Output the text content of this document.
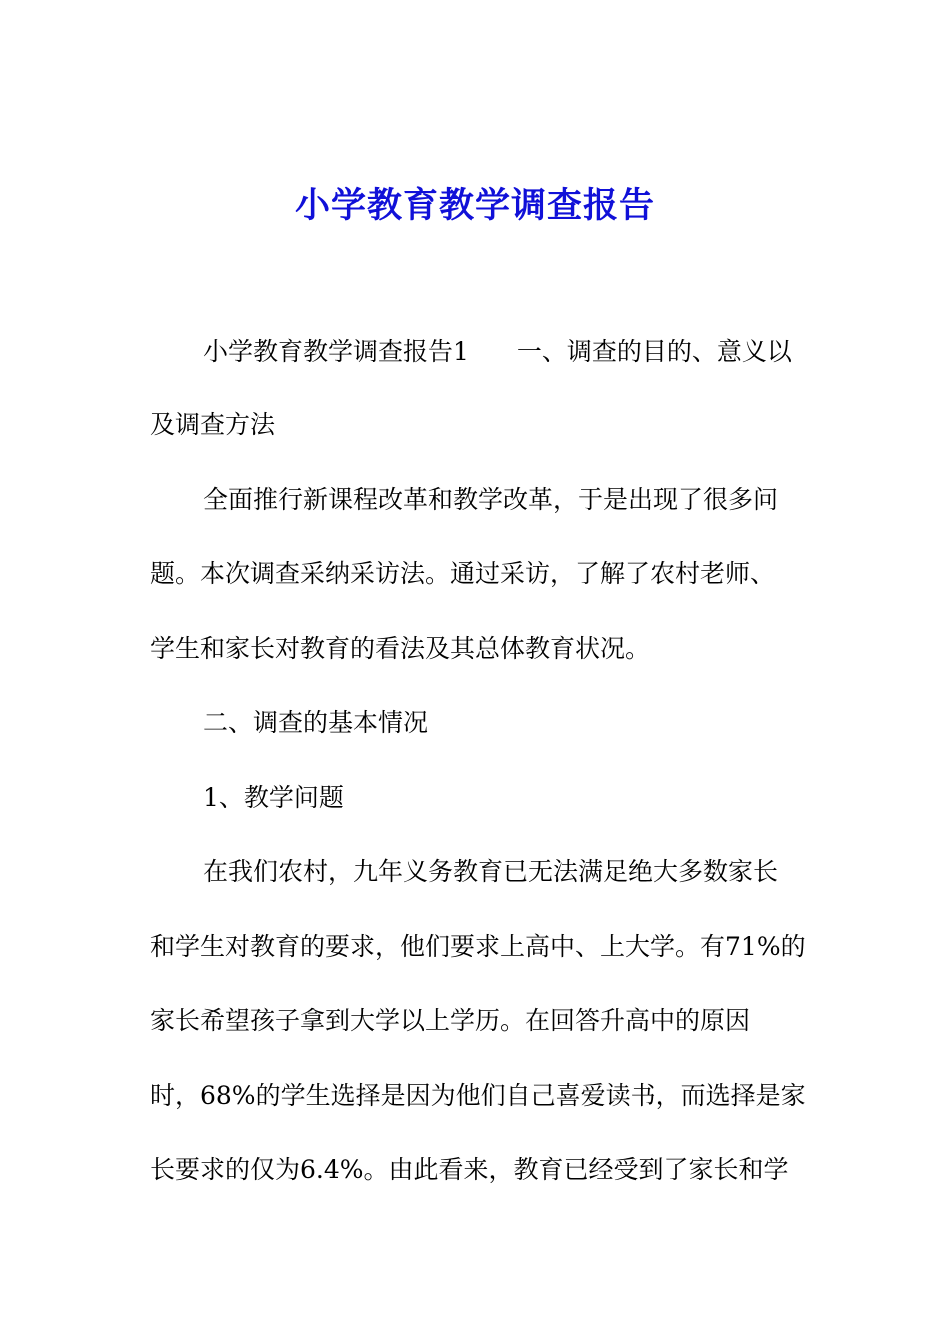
小学教育教学调查报告
小学教育教学调查报告1 一、调查的目的、意义以
及调查方法
全面推行新课程改革和教学改革，于是出现了很多问
题。本次调查采纳采访法。通过采访，了解了农村老师、
学生和家长对教育的看法及其总体教育状况。
二、调查的基本情况
1、教学问题
在我们农村，九年义务教育已无法满足绝大多数家长
和学生对教育的要求，他们要求上高中、上大学。有71%的
家长希望孩子拿到大学以上学历。在回答升高中的原因
时，68%的学生选择是因为他们自己喜爱读书，而选择是家
长要求的仅为6.4%。由此看来，教育已经受到了家长和学
